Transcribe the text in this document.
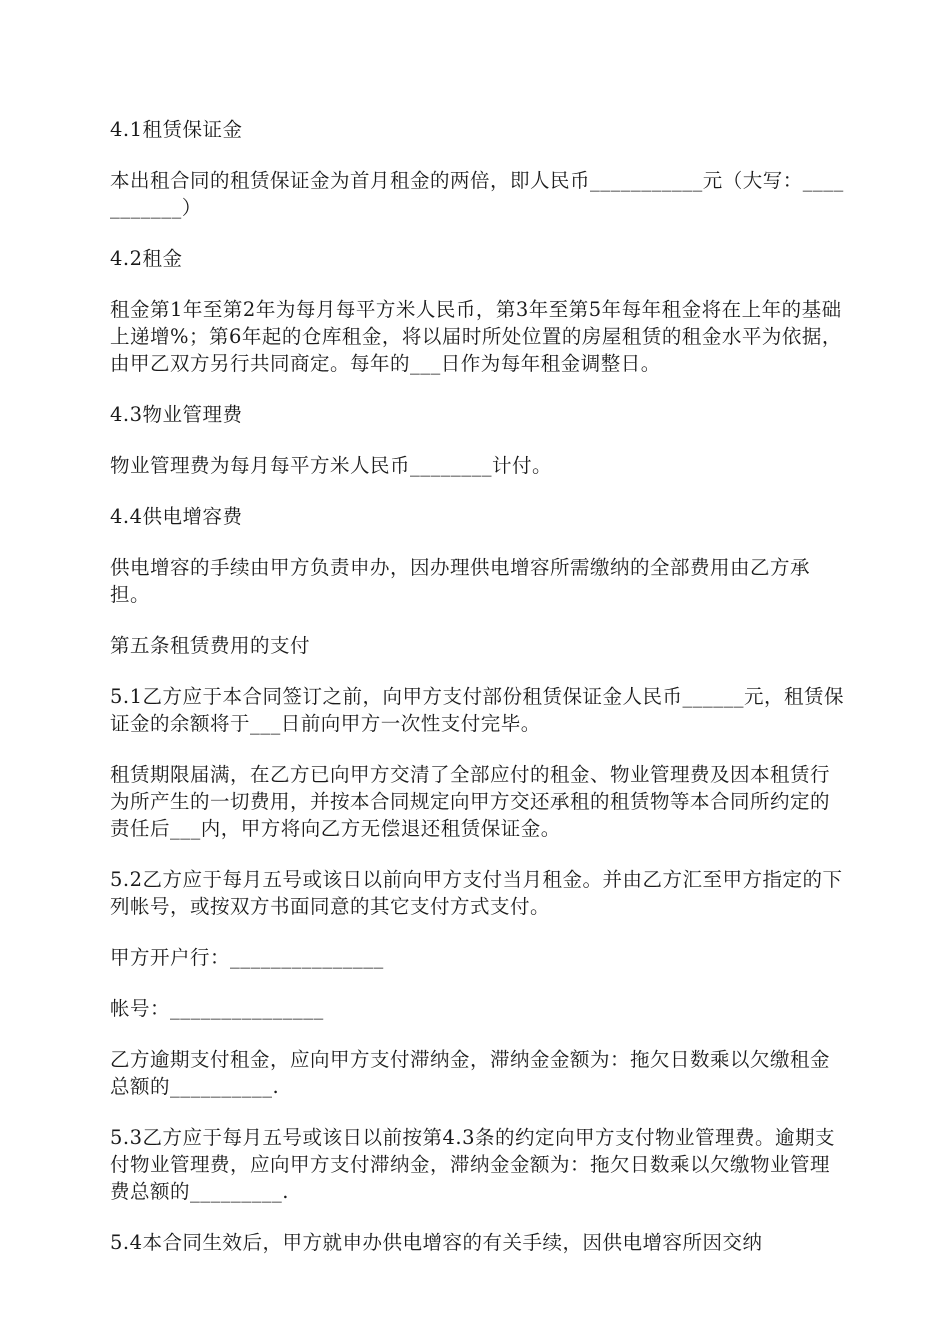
4.1租赁保证金

本出租合同的租赁保证金为首月租金的两倍，即人民币___________元（大写：___________）

4.2租金

租金第1年至第2年为每月每平方米人民币，第3年至第5年每年租金将在上年的基础上递增%；第6年起的仓库租金，将以届时所处位置的房屋租赁的租金水平为依据，由甲乙双方另行共同商定。每年的___日作为每年租金调整日。

4.3物业管理费

物业管理费为每月每平方米人民币________计付。

4.4供电增容费

供电增容的手续由甲方负责申办，因办理供电增容所需缴纳的全部费用由乙方承担。

第五条租赁费用的支付

5.1乙方应于本合同签订之前，向甲方支付部份租赁保证金人民币______元，租赁保证金的余额将于___日前向甲方一次性支付完毕。

租赁期限届满，在乙方已向甲方交清了全部应付的租金、物业管理费及因本租赁行为所产生的一切费用，并按本合同规定向甲方交还承租的租赁物等本合同所约定的责任后___内，甲方将向乙方无偿退还租赁保证金。

5.2乙方应于每月五号或该日以前向甲方支付当月租金。并由乙方汇至甲方指定的下列帐号，或按双方书面同意的其它支付方式支付。

甲方开户行：_______________

帐号：_______________

乙方逾期支付租金，应向甲方支付滞纳金，滞纳金金额为：拖欠日数乘以欠缴租金总额的__________.

5.3乙方应于每月五号或该日以前按第4.3条的约定向甲方支付物业管理费。逾期支付物业管理费，应向甲方支付滞纳金，滞纳金金额为：拖欠日数乘以欠缴物业管理费总额的_________.

5.4本合同生效后，甲方就申办供电增容的有关手续，因供电增容所因交纳
